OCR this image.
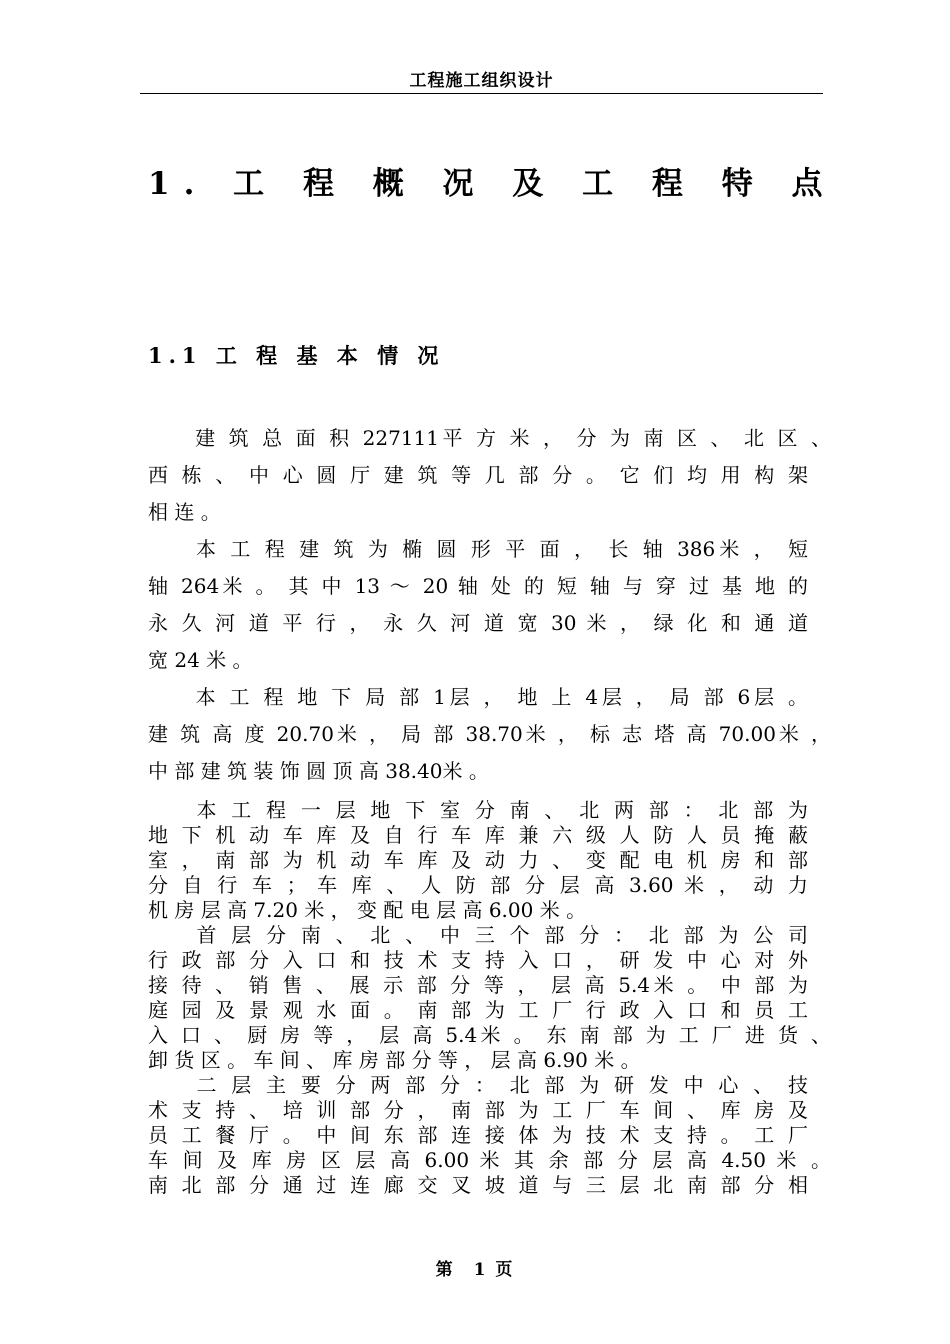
工程施工组织设计
1. 工 程 概 况 及 工 程 特 点
1.1 工 程 基 本 情 况
　　建 筑 总 面 积 227111平 方 米 ， 分 为 南 区 、 北 区 、
西 栋 、 中 心 圆 厅 建 筑 等 几 部 分 。 它 们 均 用 构 架
相 连 。
　　本 工 程 建 筑 为 椭 圆 形 平 面 ， 长 轴 386米 ， 短
轴 264米 。 其 中 13 ～ 20 轴 处 的 短 轴 与 穿 过 基 地 的
永 久 河 道 平 行 ， 永 久 河 道 宽 30 米 ， 绿 化 和 通 道
宽 24 米 。
　　本 工 程 地 下 局 部 1层 ， 地 上 4层 ， 局 部 6层 。
建 筑 高 度 20.70米 ， 局 部 38.70米 ， 标 志 塔 高 70.00米 ，
中 部 建 筑 装 饰 圆 顶 高 38.40米 。
　　本 工 程 一 层 地 下 室 分 南 、 北 两 部 ： 北 部 为
地 下 机 动 车 库 及 自 行 车 库 兼 六 级 人 防 人 员 掩 蔽
室 ， 南 部 为 机 动 车 库 及 动 力 、 变 配 电 机 房 和 部
分 自 行 车 ； 车 库 、 人 防 部 分 层 高 3.60 米 ， 动 力
机 房 层 高 7.20 米 ， 变 配 电 层 高 6.00 米 。
　　首 层 分 南 、 北 、 中 三 个 部 分 ： 北 部 为 公 司
行 政 部 分 入 口 和 技 术 支 持 入 口 ， 研 发 中 心 对 外
接 待 、 销 售 、 展 示 部 分 等 ， 层 高 5.4米 。 中 部 为
庭 园 及 景 观 水 面 。 南 部 为 工 厂 行 政 入 口 和 员 工
入 口 、 厨 房 等 ， 层 高 5.4米 。 东 南 部 为 工 厂 进 货 、
卸 货 区 。 车 间 、 库 房 部 分 等 ， 层 高 6.90 米 。
　　二 层 主 要 分 两 部 分 ： 北 部 为 研 发 中 心 、 技
术 支 持 、 培 训 部 分 ， 南 部 为 工 厂 车 间 、 库 房 及
员 工 餐 厅 。 中 间 东 部 连 接 体 为 技 术 支 持 。 工 厂
车 间 及 库 房 区 层 高 6.00 米 其 余 部 分 层 高 4.50 米 。
南 北 部 分 通 过 连 廊 交 叉 坡 道 与 三 层 北 南 部 分 相
第　1 页
